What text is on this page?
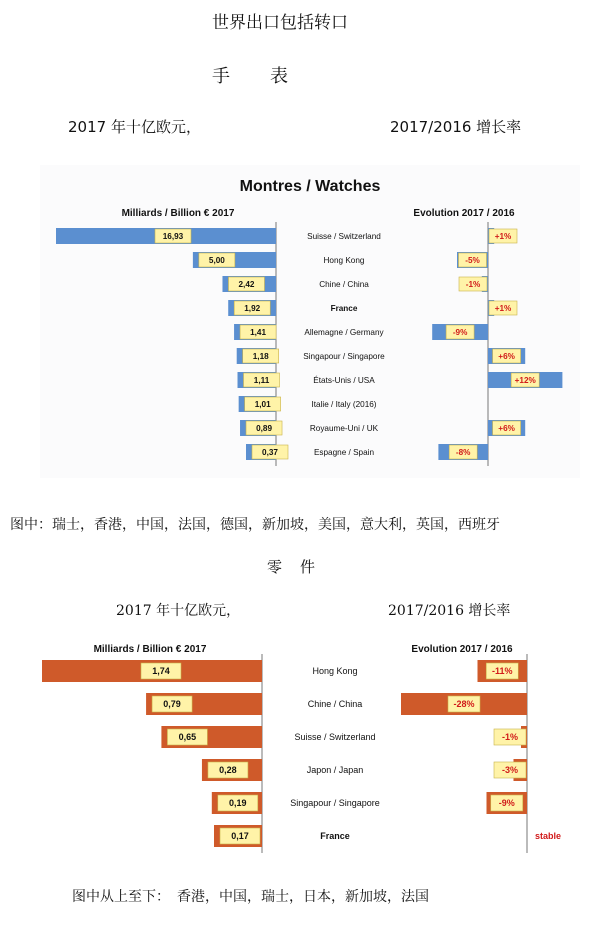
世界出口包括转口
手表
2017 年十亿欧元，	2017/2016 增长率
Montres / Watches
Milliards / Billion € 2017	Evolution 2017 / 2016
16,93	Suisse / Switzerland	+1%
5,00	Hong Kong	-5%
2,42	Chine / China	-1%
1,92	France	+1%
1,41	Allemagne / Germany	-9%
1,18	Singapour / Singapore	+6%
1,11	États-Unis / USA	+12%
1,01	Italie / Italy (2016)
0,89	Royaume-Uni / UK	+6%
0,37	Espagne / Spain	-8%
Milliards / Billion € 2017	Evolution 2017 / 2016
1,74	Hong Kong	-11%
0,79	Chine / China	-28%
0,65	Suisse / Switzerland	-1%
0,28	Japon / Japan	-3%
0,19	Singapour / Singapore	-9%
0,17	France	stable
图中：瑞士，香港，中国，法国，德国，新加坡，美国，意大利，英国，西班牙
零件
2017 年十亿欧元，	2017/2016 增长率
图中从上至下：　香港，中国，瑞士，日本，新加坡，法国
